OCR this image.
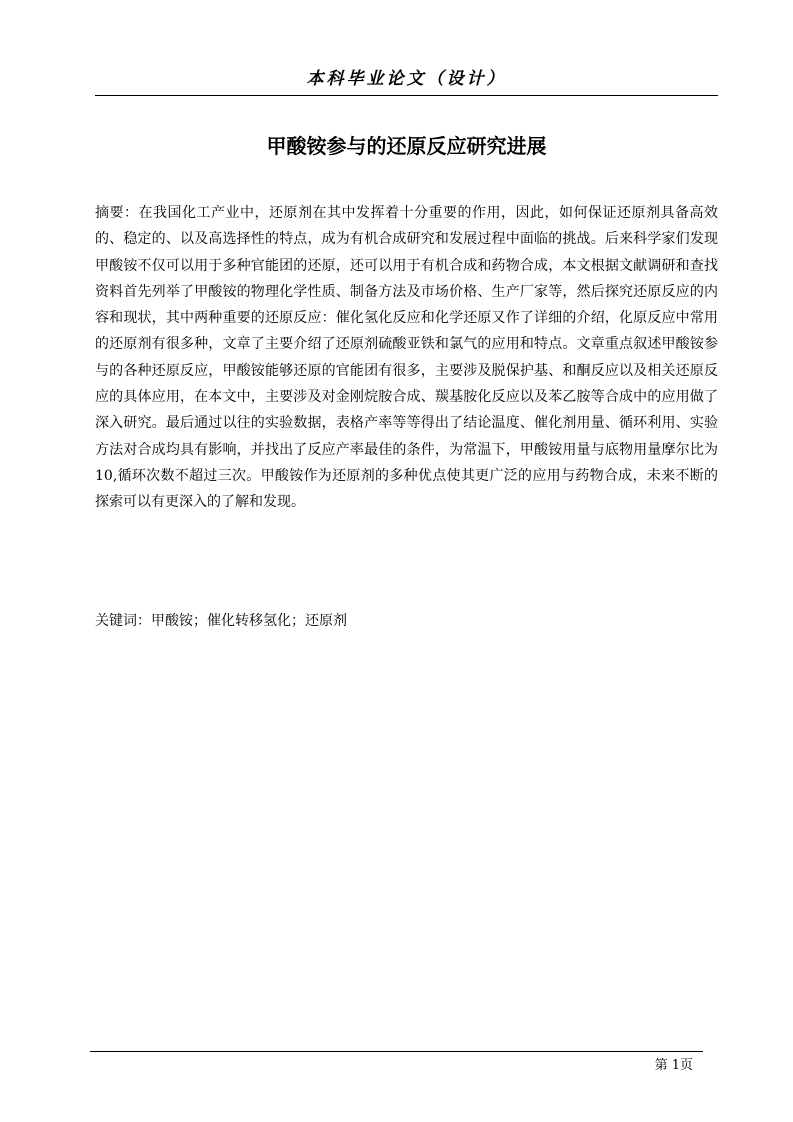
本科毕业论文（设计）
甲酸铵参与的还原反应研究进展
摘要：在我国化工产业中，还原剂在其中发挥着十分重要的作用，因此，如何保证还原剂具备高效的、稳定的、以及高选择性的特点，成为有机合成研究和发展过程中面临的挑战。后来科学家们发现甲酸铵不仅可以用于多种官能团的还原，还可以用于有机合成和药物合成，本文根据文献调研和查找资料首先列举了甲酸铵的物理化学性质、制备方法及市场价格、生产厂家等，然后探究还原反应的内容和现状，其中两种重要的还原反应：催化氢化反应和化学还原又作了详细的介绍，化原反应中常用的还原剂有很多种，文章了主要介绍了还原剂硫酸亚铁和氯气的应用和特点。文章重点叙述甲酸铵参与的各种还原反应，甲酸铵能够还原的官能团有很多，主要涉及脱保护基、和酮反应以及相关还原反应的具体应用，在本文中，主要涉及对金刚烷胺合成、羰基胺化反应以及苯乙胺等合成中的应用做了深入研究。最后通过以往的实验数据，表格产率等等得出了结论温度、催化剂用量、循环利用、实验方法对合成均具有影响，并找出了反应产率最佳的条件，为常温下，甲酸铵用量与底物用量摩尔比为10,循环次数不超过三次。甲酸铵作为还原剂的多种优点使其更广泛的应用与药物合成，未来不断的探索可以有更深入的了解和发现。
关键词：甲酸铵；催化转移氢化；还原剂
第 1页
